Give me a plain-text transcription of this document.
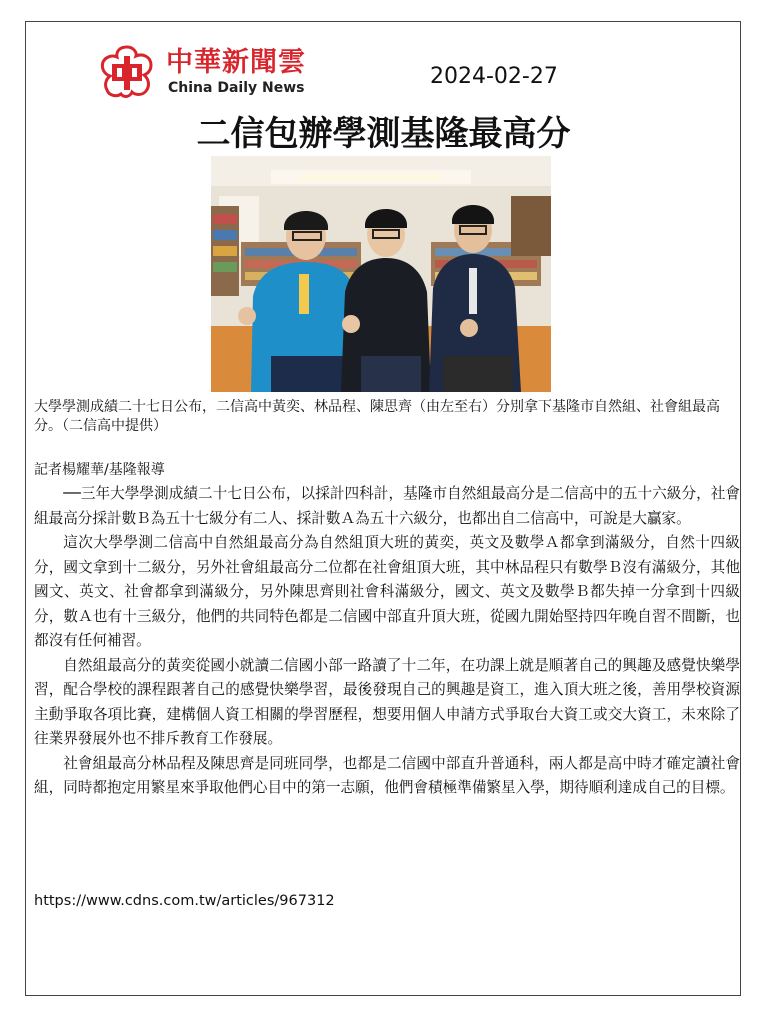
中華新聞雲
China Daily News	2024-02-27
二信包辦學測基隆最高分
大學學測成績二十七日公布，二信高中黃奕、林品程、陳思齊（由左至右）分別拿下基隆市自然組、社會組最高分。（二信高中提供）
記者楊耀華/基隆報導

──三年大學學測成績二十七日公布，以採計四科計，基隆市自然組最高分是二信高中的五十六級分，社會組最高分採計數Ｂ為五十七級分有二人、採計數Ａ為五十六級分，也都出自二信高中，可說是大贏家。

這次大學學測二信高中自然組最高分為自然組頂大班的黃奕，英文及數學Ａ都拿到滿級分，自然十四級分，國文拿到十二級分，另外社會組最高分二位都在社會組頂大班，其中林品程只有數學Ｂ沒有滿級分，其他國文、英文、社會都拿到滿級分，另外陳思齊則社會科滿級分，國文、英文及數學Ｂ都失掉一分拿到十四級分，數Ａ也有十三級分，他們的共同特色都是二信國中部直升頂大班，從國九開始堅持四年晚自習不間斷，也都沒有任何補習。

自然組最高分的黃奕從國小就讀二信國小部一路讀了十二年，在功課上就是順著自己的興趣及感覺快樂學習，配合學校的課程跟著自己的感覺快樂學習，最後發現自己的興趣是資工，進入頂大班之後，善用學校資源主動爭取各項比賽，建構個人資工相關的學習歷程，想要用個人申請方式爭取台大資工或交大資工，未來除了往業界發展外也不排斥教育工作發展。

社會組最高分林品程及陳思齊是同班同學，也都是二信國中部直升普通科，兩人都是高中時才確定讀社會組，同時都抱定用繁星來爭取他們心目中的第一志願，他們會積極準備繁星入學，期待順利達成自己的目標。

https://www.cdns.com.tw/articles/967312
